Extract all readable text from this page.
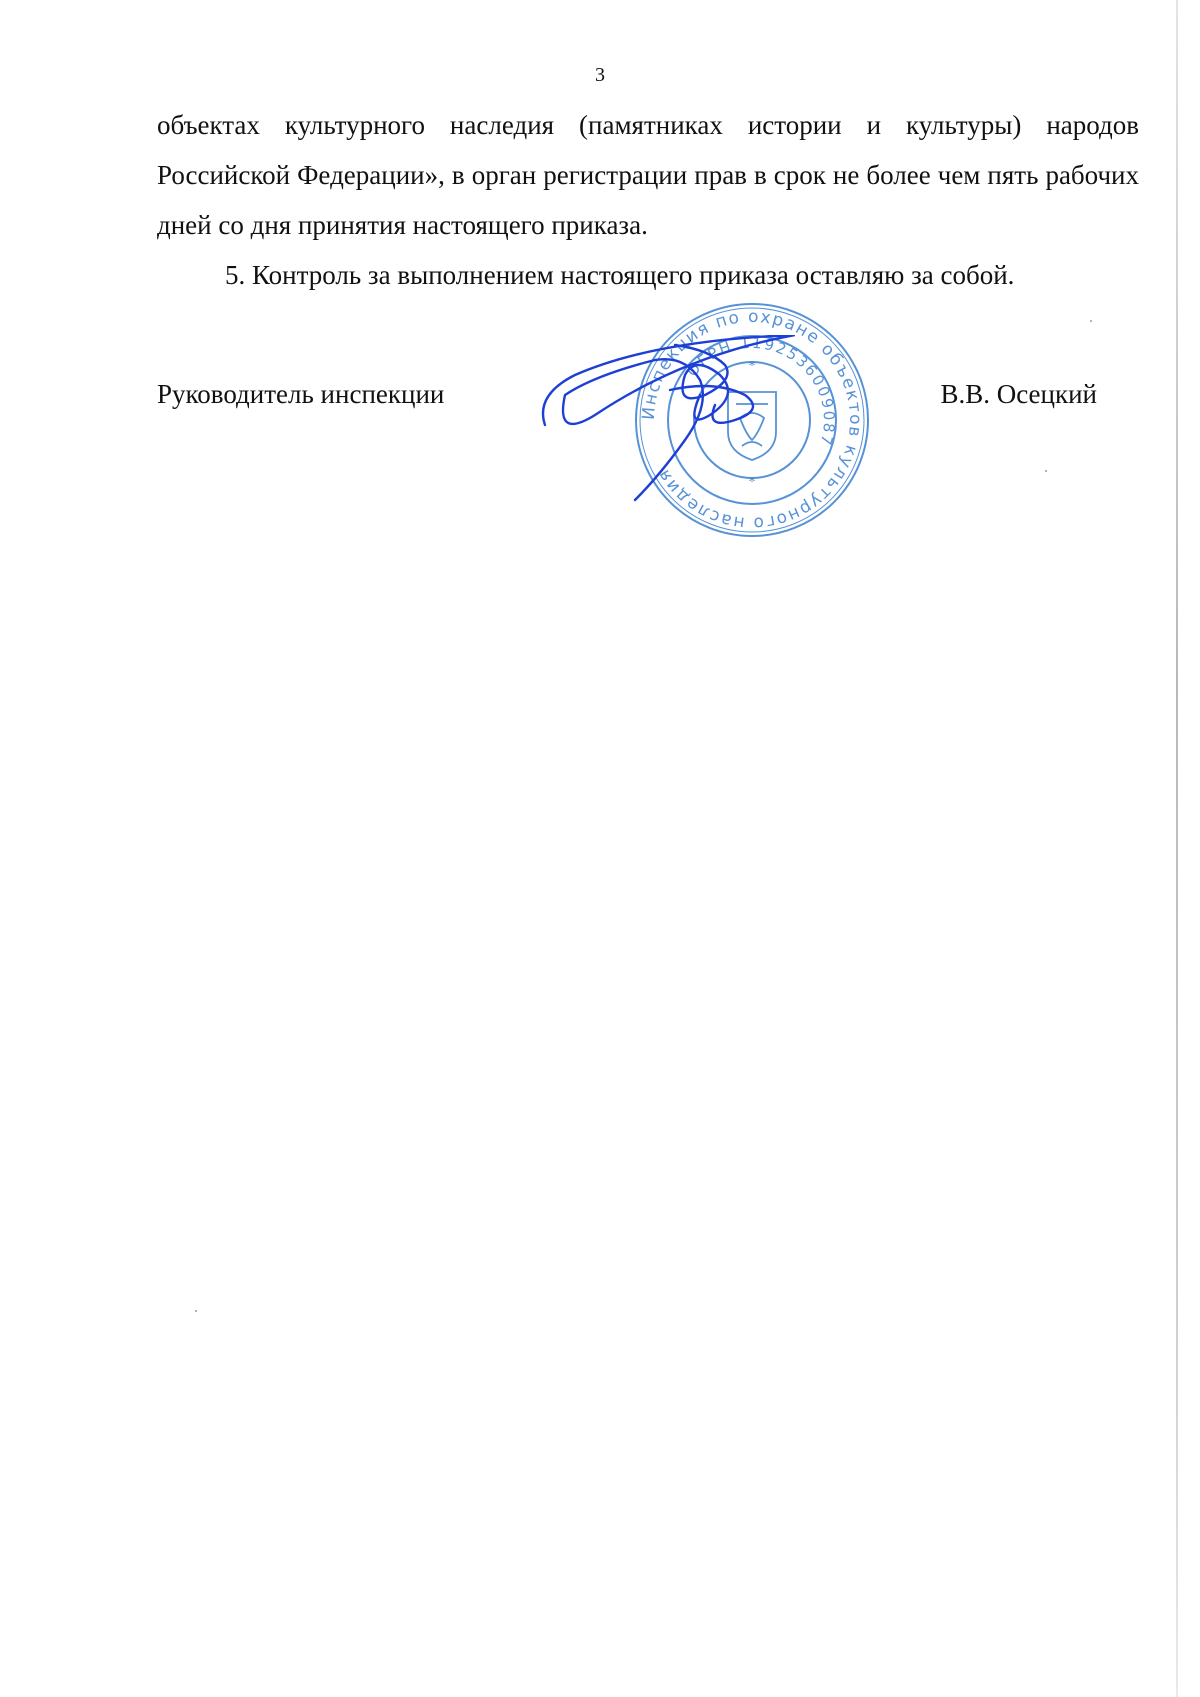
3

объектах культурного наследия (памятниках истории и культуры) народов Российской Федерации», в орган регистрации прав в срок не более чем пять рабочих дней со дня принятия настоящего приказа.

5. Контроль за выполнением настоящего приказа оставляю за собой.

Руководитель инспекции	В.В. Осецкий
Инспекция по охране объектов культурного наследия
ОГРН 1192536009087
*
*
